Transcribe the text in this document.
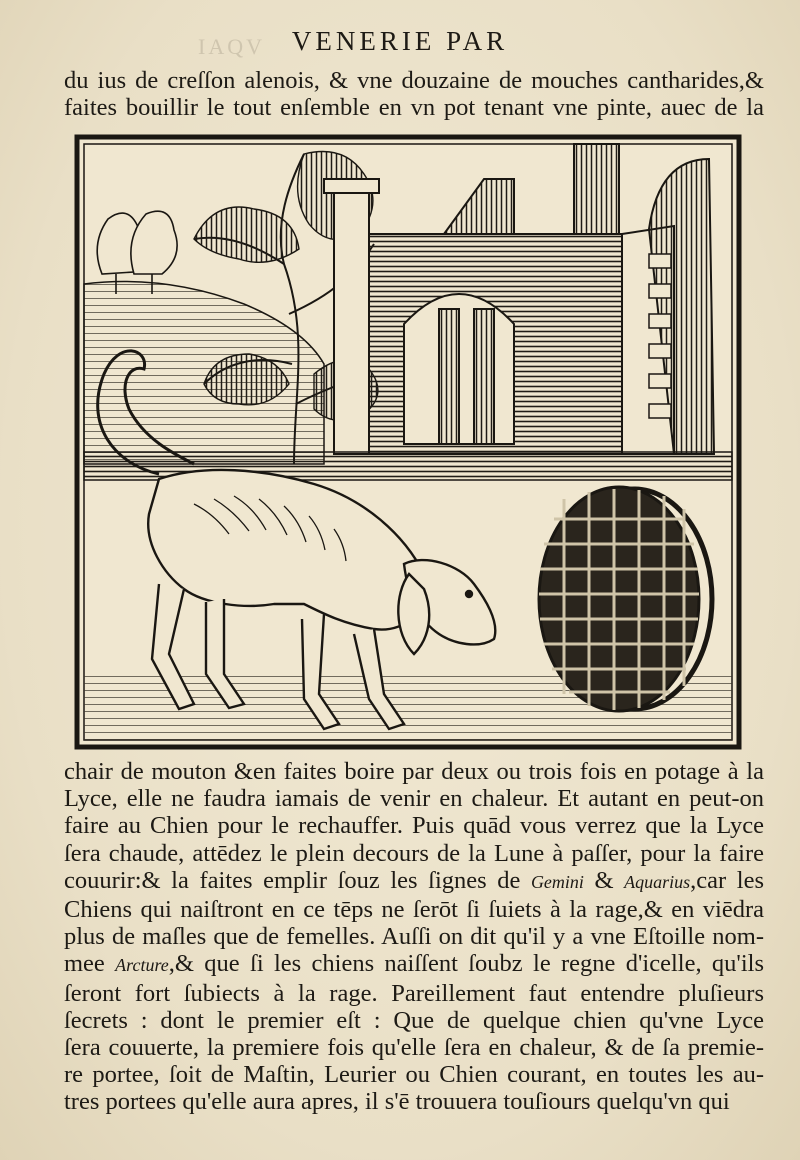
IAQV VENERIE PAR
du ius de creſſon alenois, & vne douzaine de mouches cantharides,&
faites bouillir le tout enſemble en vn pot tenant vne pinte, auec de la
chair de mouton &en faites boire par deux ou trois fois en potage à la
Lyce, elle ne faudra iamais de venir en chaleur. Et autant en peut-on
faire au Chien pour le rechauffer. Puis quād vous verrez que la Lyce
ſera chaude, attēdez le plein decours de la Lune à paſſer, pour la faire
couurir:& la faites emplir ſouz les ſignes de Gemini & Aquarius,car les
Chiens qui naiſtront en ce tēps ne ſerōt ſi ſuiets à la rage,& en viēdra
plus de maſles que de femelles. Auſſi on dit qu'il y a vne Eſtoille nom-
mee Arcture,& que ſi les chiens naiſſent ſoubz le regne d'icelle, qu'ils
ſeront fort ſubiects à la rage. Pareillement faut entendre pluſieurs
ſecrets : dont le premier eſt : Que de quelque chien qu'vne Lyce
ſera couuerte, la premiere fois qu'elle ſera en chaleur, & de ſa premie-
re portee, ſoit de Maſtin, Leurier ou Chien courant, en toutes les au-
tres portees qu'elle aura apres, il s'ē trouuera touſiours quelqu'vn qui
